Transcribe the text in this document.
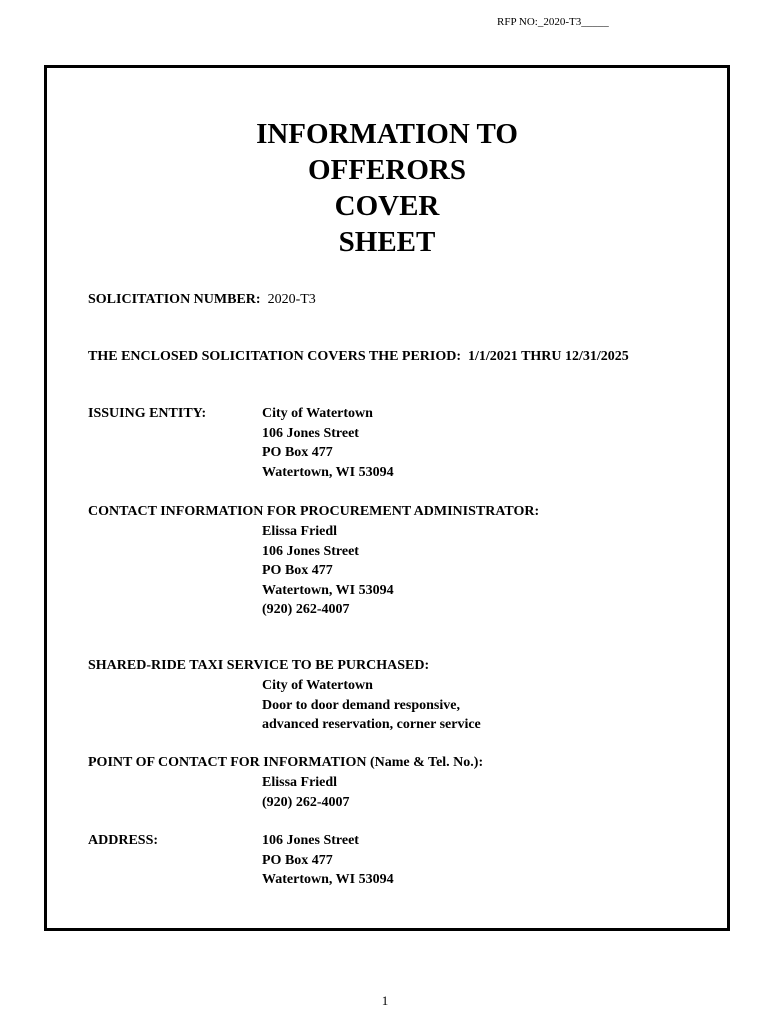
RFP NO:_2020-T3_____
INFORMATION TO
OFFERORS
COVER
SHEET
SOLICITATION NUMBER: 2020-T3
THE ENCLOSED SOLICITATION COVERS THE PERIOD: 1/1/2021 THRU 12/31/2025
ISSUING ENTITY:	City of Watertown
106 Jones Street
PO Box 477
Watertown, WI 53094
CONTACT INFORMATION FOR PROCUREMENT ADMINISTRATOR:
Elissa Friedl
106 Jones Street
PO Box 477
Watertown, WI 53094
(920) 262-4007
SHARED-RIDE TAXI SERVICE TO BE PURCHASED:
City of Watertown
Door to door demand responsive,
advanced reservation, corner service
POINT OF CONTACT FOR INFORMATION (Name & Tel. No.):
Elissa Friedl
(920) 262-4007
ADDRESS:	106 Jones Street
PO Box 477
Watertown, WI 53094
1
